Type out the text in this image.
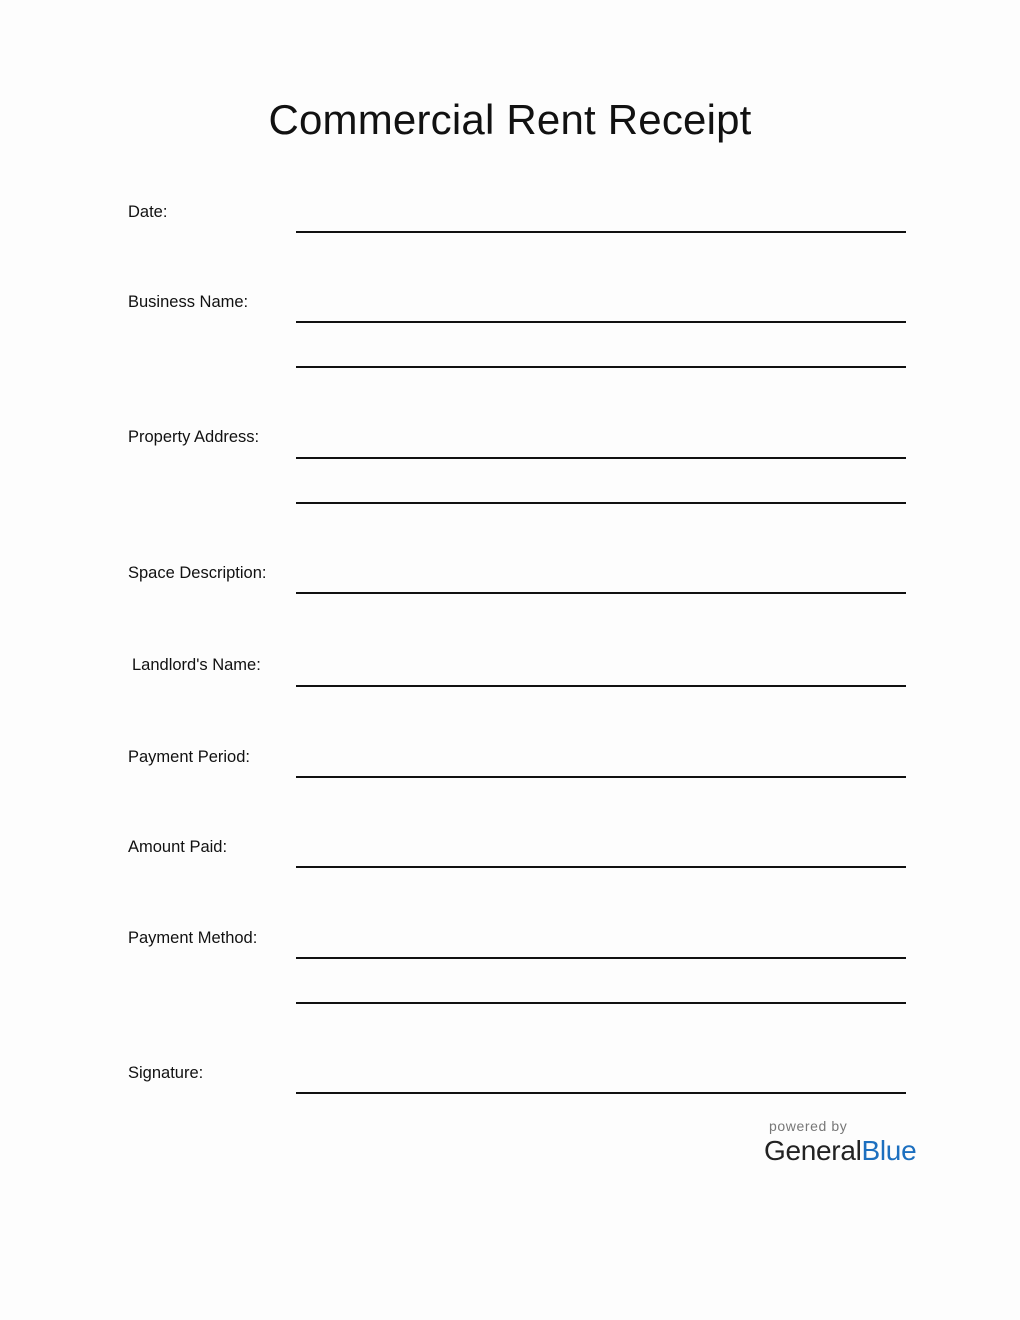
Commercial Rent Receipt
Date:
Business Name:
Property Address:
Space Description:
Landlord's Name:
Payment Period:
Amount Paid:
Payment Method:
Signature:
powered by
GeneralBlue
